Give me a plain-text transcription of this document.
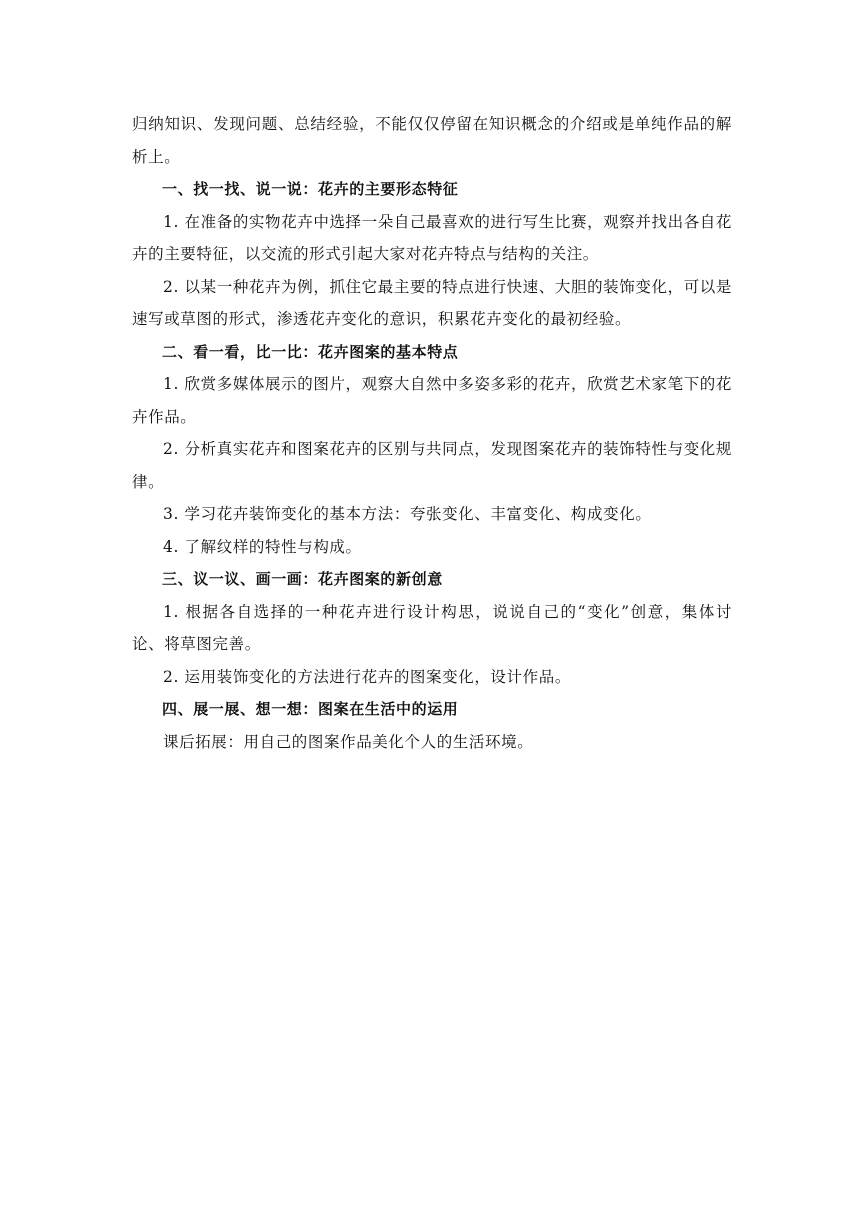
归纳知识、发现问题、总结经验，不能仅仅停留在知识概念的介绍或是单纯作品的解析上。

一、找一找、说一说：花卉的主要形态特征

1. 在准备的实物花卉中选择一朵自己最喜欢的进行写生比赛，观察并找出各自花卉的主要特征，以交流的形式引起大家对花卉特点与结构的关注。

2. 以某一种花卉为例，抓住它最主要的特点进行快速、大胆的装饰变化，可以是速写或草图的形式，渗透花卉变化的意识，积累花卉变化的最初经验。

二、看一看，比一比：花卉图案的基本特点

1. 欣赏多媒体展示的图片，观察大自然中多姿多彩的花卉，欣赏艺术家笔下的花卉作品。

2. 分析真实花卉和图案花卉的区别与共同点，发现图案花卉的装饰特性与变化规律。

3. 学习花卉装饰变化的基本方法：夸张变化、丰富变化、构成变化。

4. 了解纹样的特性与构成。

三、议一议、画一画：花卉图案的新创意

1. 根据各自选择的一种花卉进行设计构思，说说自己的“变化”创意，集体讨论、将草图完善。

2. 运用装饰变化的方法进行花卉的图案变化，设计作品。

四、展一展、想一想：图案在生活中的运用

课后拓展：用自己的图案作品美化个人的生活环境。
